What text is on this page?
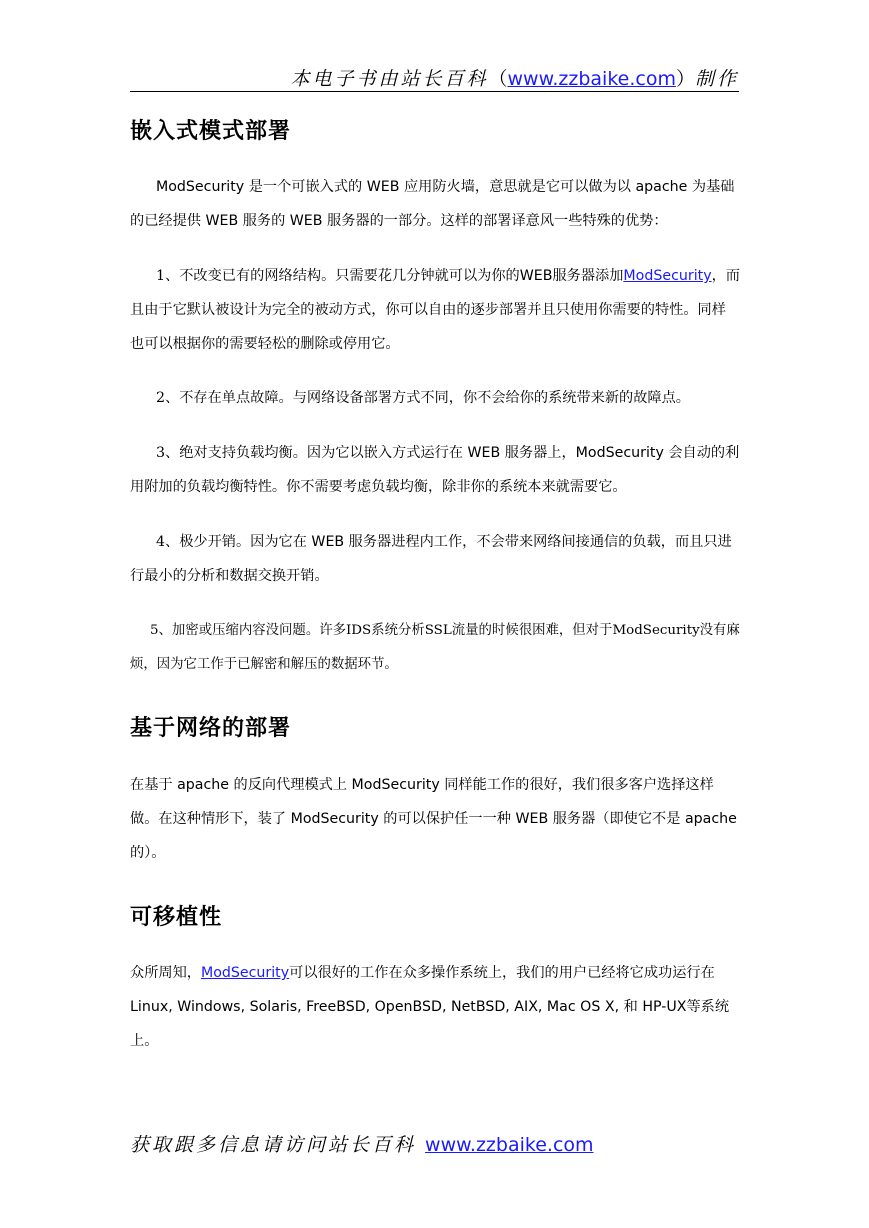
本电子书由站长百科（www.zzbaike.com）制作
嵌入式模式部署

ModSecurity 是一个可嵌入式的 WEB 应用防火墙，意思就是它可以做为以 apache 为基础的已经提供 WEB 服务的 WEB 服务器的一部分。这样的部署译意风一些特殊的优势：

1、不改变已有的网络结构。只需要花几分钟就可以为你的WEB服务器添加ModSecurity，而且由于它默认被设计为完全的被动方式，你可以自由的逐步部署并且只使用你需要的特性。同样也可以根据你的需要轻松的删除或停用它。

2、不存在单点故障。与网络设备部署方式不同，你不会给你的系统带来新的故障点。

3、绝对支持负载均衡。因为它以嵌入方式运行在 WEB 服务器上，ModSecurity 会自动的利用附加的负载均衡特性。你不需要考虑负载均衡，除非你的系统本来就需要它。

4、极少开销。因为它在 WEB 服务器进程内工作，不会带来网络间接通信的负载，而且只进行最小的分析和数据交换开销。

5、加密或压缩内容没问题。许多IDS系统分析SSL流量的时候很困难，但对于ModSecurity没有麻烦，因为它工作于已解密和解压的数据环节。

基于网络的部署

在基于 apache 的反向代理模式上 ModSecurity 同样能工作的很好，我们很多客户选择这样做。在这种情形下，装了 ModSecurity 的可以保护任一一种 WEB 服务器（即使它不是 apache 的）。

可移植性

众所周知，ModSecurity可以很好的工作在众多操作系统上，我们的用户已经将它成功运行在Linux, Windows, Solaris, FreeBSD, OpenBSD, NetBSD, AIX, Mac OS X, 和 HP-UX等系统上。

获取跟多信息请访问站长百科 www.zzbaike.com
